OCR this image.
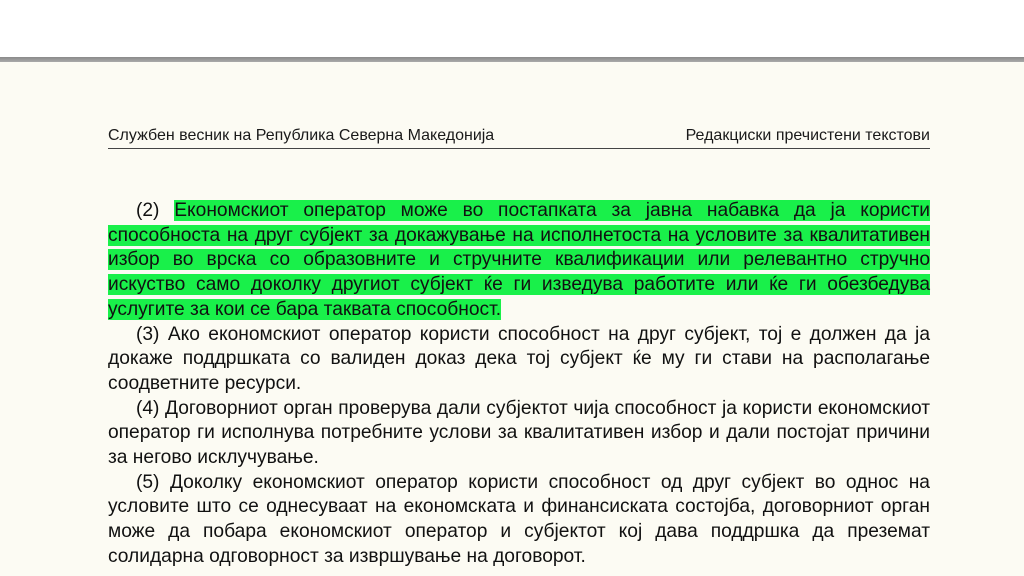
Службен весник на Република Северна Македонија	Редакциски пречистени текстови

(2) Економскиот оператор може во постапката за јавна набавка да ја користи способноста на друг субјект за докажување на исполнетоста на условите за квалитативен избор во врска со образовните и стручните квалификации или релевантно стручно искуство само доколку другиот субјект ќе ги изведува работите или ќе ги обезбедува услугите за кои се бара таквата способност.

(3) Ако економскиот оператор користи способност на друг субјект, тој е должен да ја докаже поддршката со валиден доказ дека тој субјект ќе му ги стави на располагање соодветните ресурси.

(4) Договорниот орган проверува дали субјектот чија способност ја користи економскиот оператор ги исполнува потребните услови за квалитативен избор и дали постојат причини за негово исклучување.

(5) Доколку економскиот оператор користи способност од друг субјект во однос на условите што се однесуваат на економската и финансиската состојба, договорниот орган може да побара економскиот оператор и субјектот кој дава поддршка да преземат солидарна одговорност за извршување на договорот.
